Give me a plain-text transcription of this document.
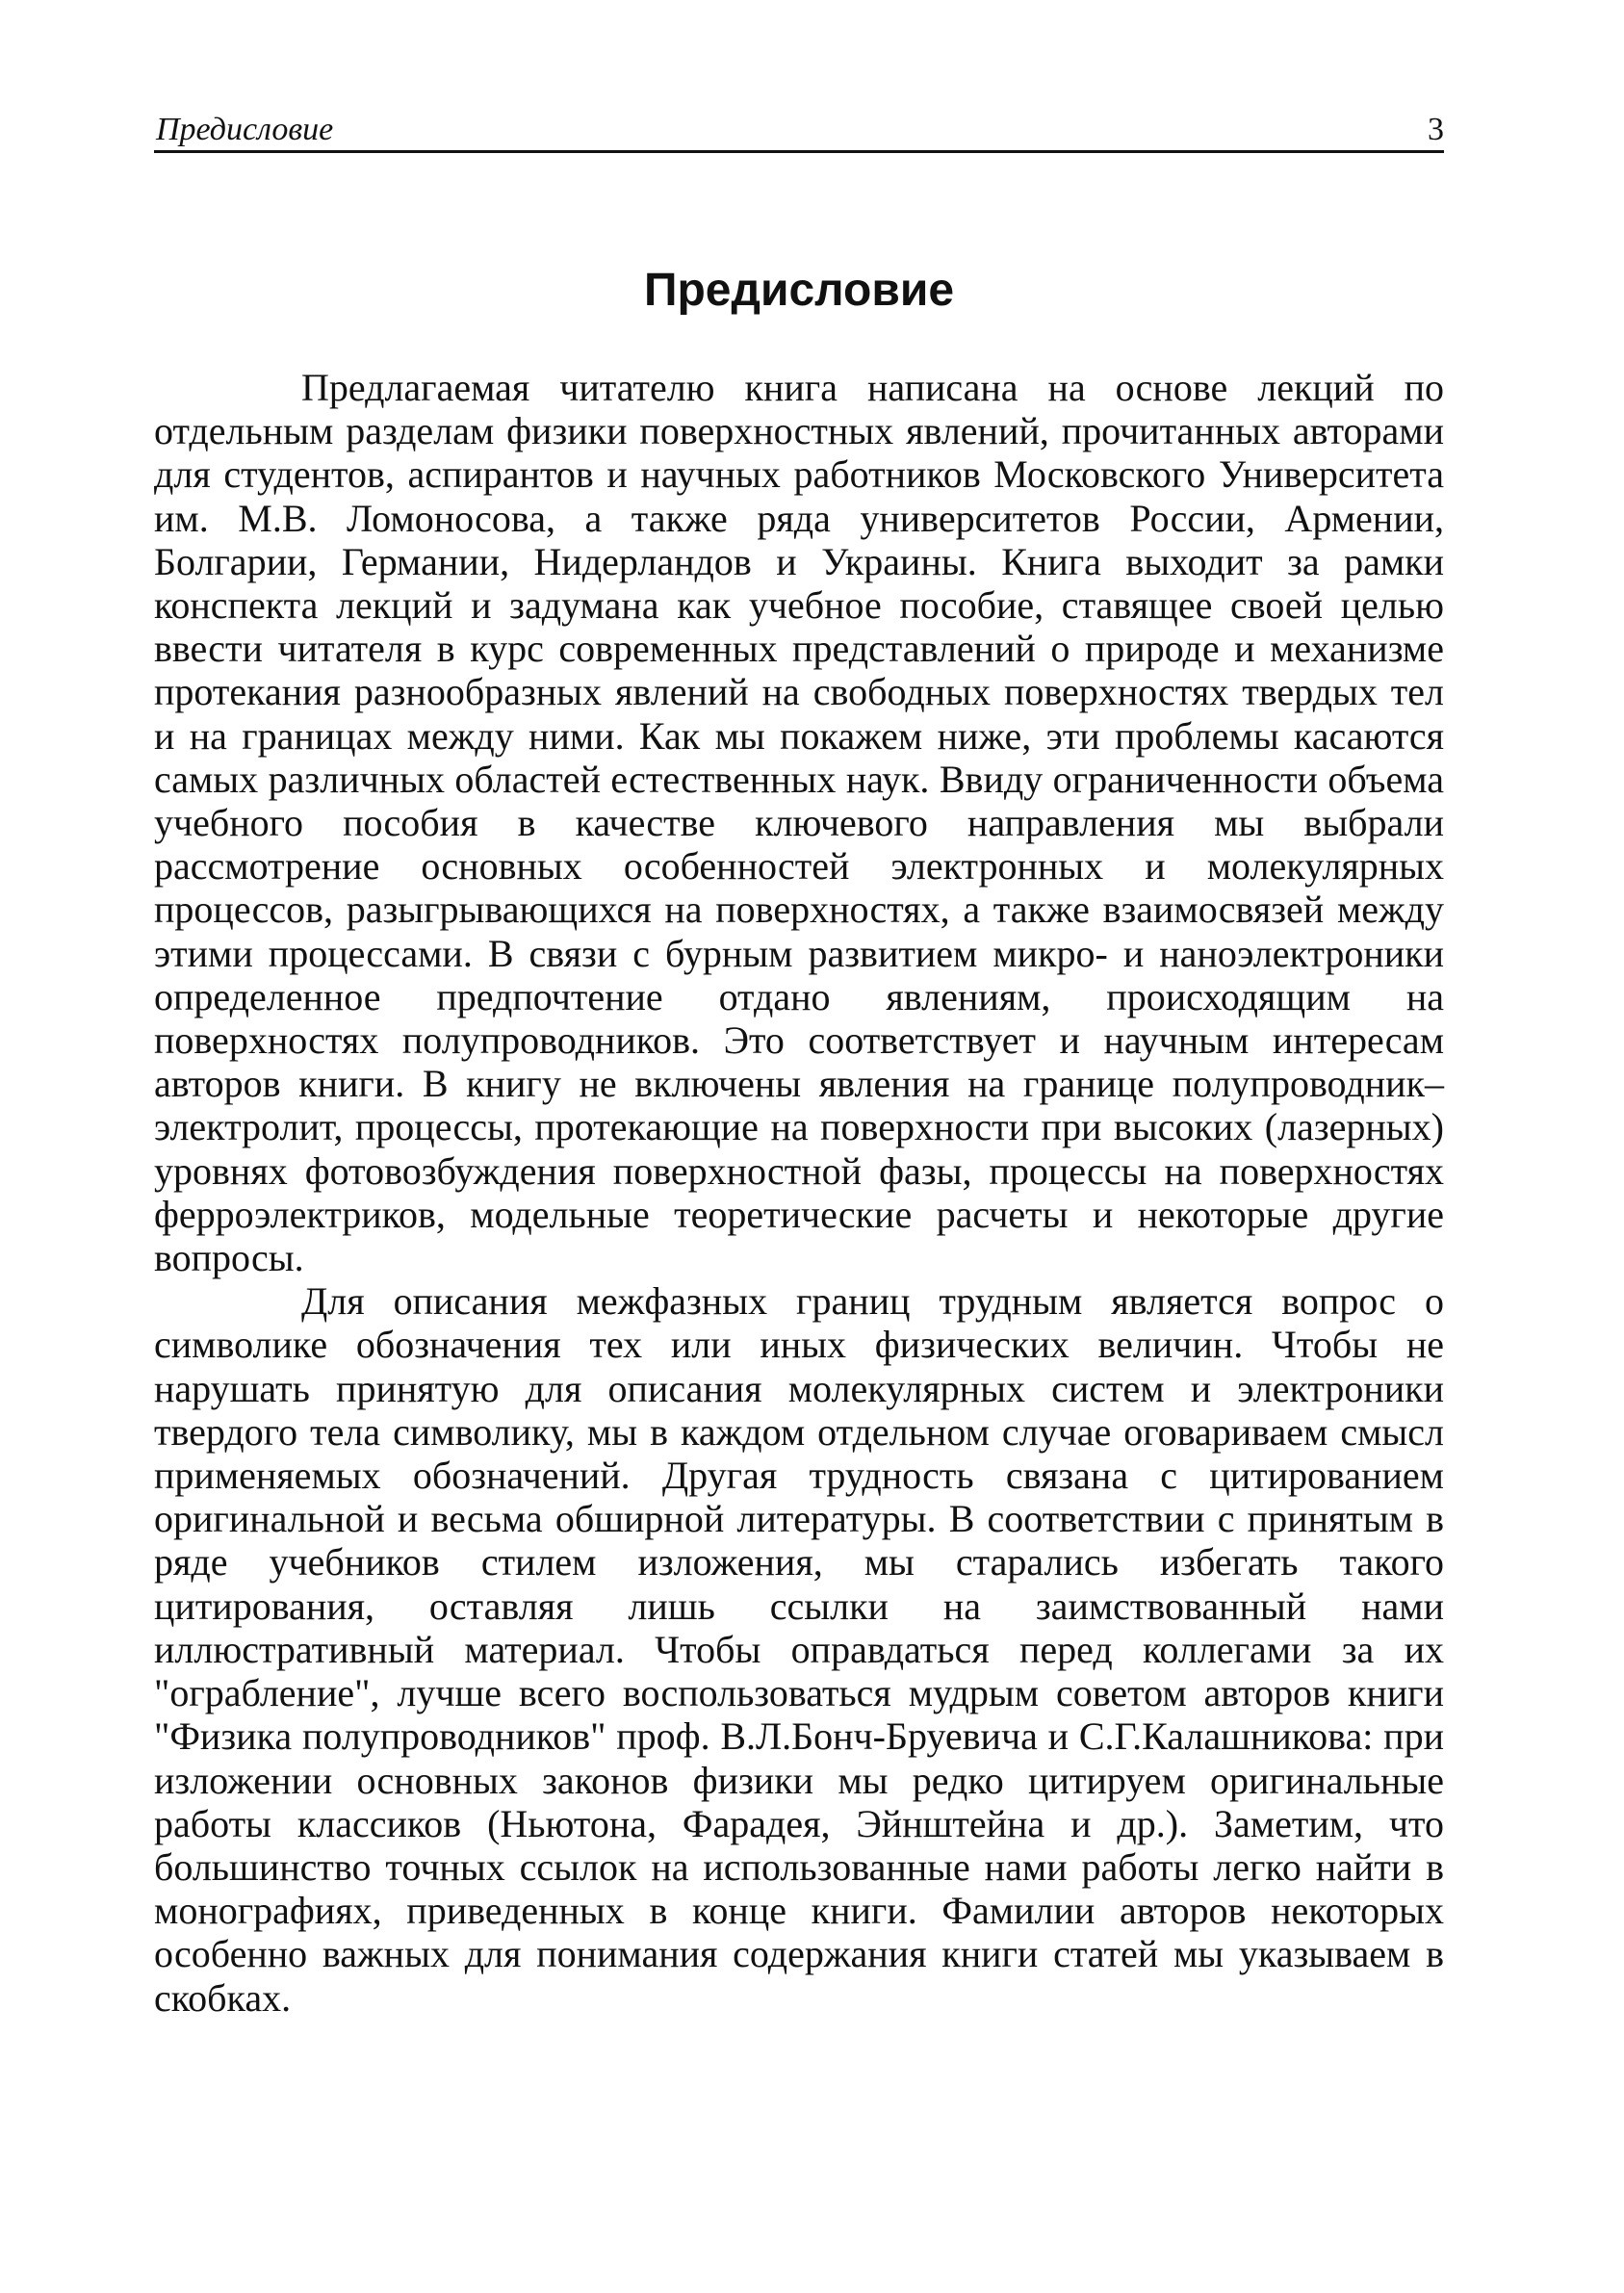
Предисловие	3
Предисловие

Предлагаемая читателю книга написана на основе лекций по отдельным разделам физики поверхностных явлений, прочитанных авторами для студентов, аспирантов и научных работников Московского Университета им. М.В. Ломоносова, а также ряда университетов России, Армении, Болгарии, Германии, Нидерландов и Украины. Книга выходит за рамки конспекта лекций и задумана как учебное пособие, ставящее своей целью ввести читателя в курс современных представлений о природе и механизме протекания разнообразных явлений на свободных поверхностях твердых тел и на границах между ними. Как мы покажем ниже, эти проблемы касаются самых различных областей естественных наук. Ввиду ограниченности объема учебного пособия в качестве ключевого направления мы выбрали рассмотрение основных особенностей электронных и молекулярных процессов, разыгрывающихся на поверхностях, а также взаимосвязей между этими процессами. В связи с бурным развитием микро- и наноэлектроники определенное предпочтение отдано явлениям, происходящим на поверхностях полупроводников. Это соответствует и научным интересам авторов книги. В книгу не включены явления на границе полупроводник–электролит, процессы, протекающие на поверхности при высоких (лазерных) уровнях фотовозбуждения поверхностной фазы, процессы на поверхностях ферроэлектриков, модельные теоретические расчеты и некоторые другие вопросы.

Для описания межфазных границ трудным является вопрос о символике обозначения тех или иных физических величин. Чтобы не нарушать принятую для описания молекулярных систем и электроники твердого тела символику, мы в каждом отдельном случае оговариваем смысл применяемых обозначений. Другая трудность связана с цитированием оригинальной и весьма обширной литературы. В соответствии с принятым в ряде учебников стилем изложения, мы старались избегать такого цитирования, оставляя лишь ссылки на заимствованный нами иллюстративный материал. Чтобы оправдаться перед коллегами за их "ограбление", лучше всего воспользоваться мудрым советом авторов книги "Физика полупроводников" проф. В.Л.Бонч-Бруевича и С.Г.Калашникова: при изложении основных законов физики мы редко цитируем оригинальные работы классиков (Ньютона, Фарадея, Эйнштейна и др.). Заметим, что большинство точных ссылок на использованные нами работы легко найти в монографиях, приведенных в конце книги. Фамилии авторов некоторых особенно важных для понимания содержания книги статей мы указываем в скобках.
